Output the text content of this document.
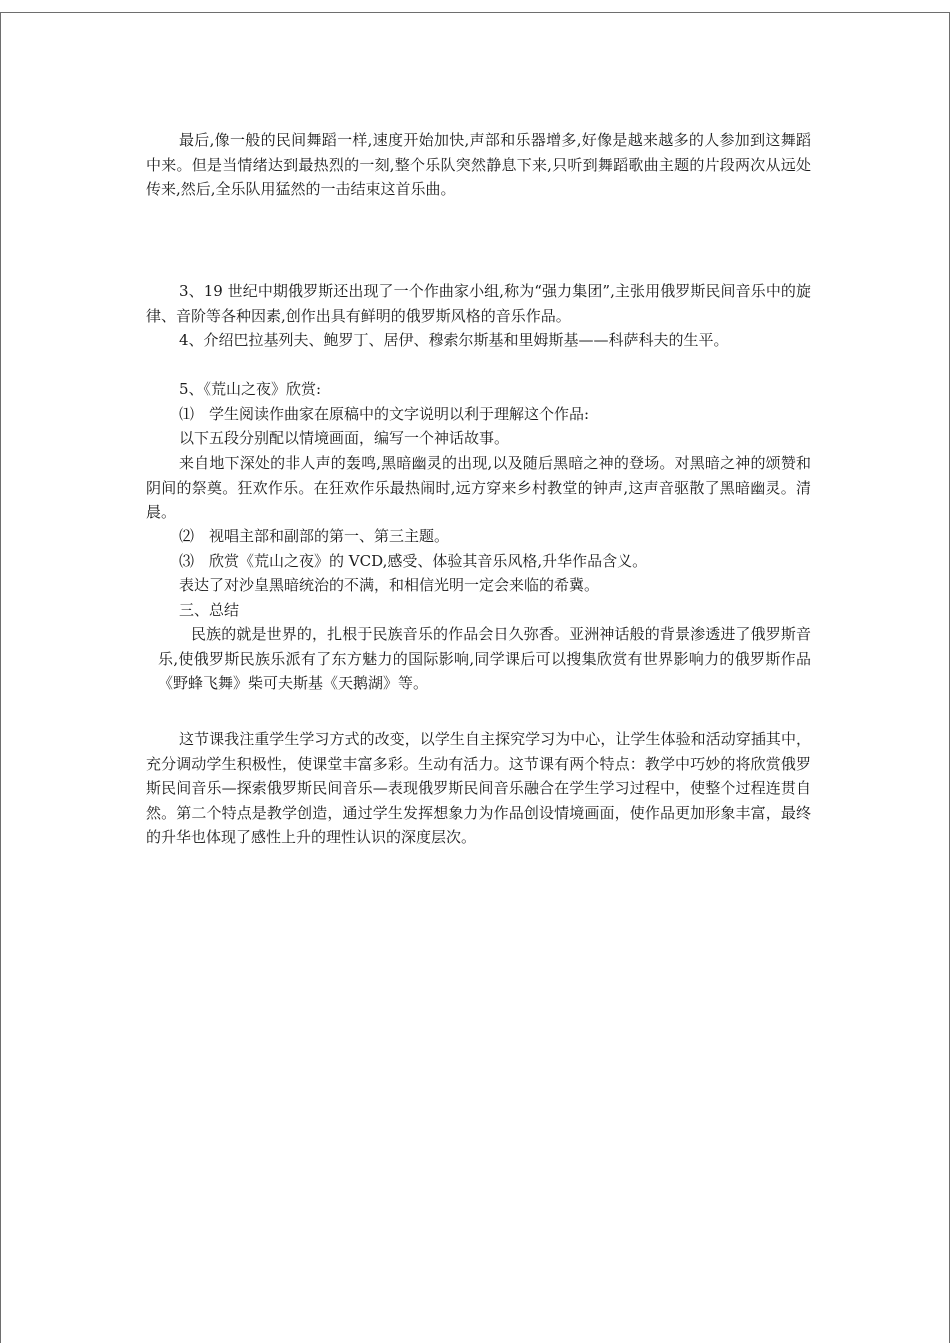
最后,像一般的民间舞蹈一样,速度开始加快,声部和乐器增多,好像是越来越多的人参加到这舞蹈中来。但是当情绪达到最热烈的一刻,整个乐队突然静息下来,只听到舞蹈歌曲主题的片段两次从远处传来,然后,全乐队用猛然的一击结束这首乐曲。

3、19 世纪中期俄罗斯还出现了一个作曲家小组,称为“强力集团”,主张用俄罗斯民间音乐中的旋律、音阶等各种因素,创作出具有鲜明的俄罗斯风格的音乐作品。

4、介绍巴拉基列夫、鲍罗丁、居伊、穆索尔斯基和里姆斯基——科萨科夫的生平。

5、《荒山之夜》欣赏:

⑴　学生阅读作曲家在原稿中的文字说明以利于理解这个作品:

以下五段分别配以情境画面，编写一个神话故事。

来自地下深处的非人声的轰鸣,黑暗幽灵的出现,以及随后黑暗之神的登场。对黑暗之神的颂赞和阴间的祭奠。狂欢作乐。在狂欢作乐最热闹时,远方穿来乡村教堂的钟声,这声音驱散了黑暗幽灵。清晨。

⑵　视唱主部和副部的第一、第三主题。

⑶　欣赏《荒山之夜》的 VCD,感受、体验其音乐风格,升华作品含义。

表达了对沙皇黑暗统治的不满，和相信光明一定会来临的希冀。

三、总结

民族的就是世界的，扎根于民族音乐的作品会日久弥香。亚洲神话般的背景渗透进了俄罗斯音乐,使俄罗斯民族乐派有了东方魅力的国际影响,同学课后可以搜集欣赏有世界影响力的俄罗斯作品《野蜂飞舞》柴可夫斯基《天鹅湖》等。

这节课我注重学生学习方式的改变，以学生自主探究学习为中心，让学生体验和活动穿插其中，充分调动学生积极性，使课堂丰富多彩。生动有活力。这节课有两个特点：教学中巧妙的将欣赏俄罗斯民间音乐—探索俄罗斯民间音乐—表现俄罗斯民间音乐融合在学生学习过程中，使整个过程连贯自然。第二个特点是教学创造，通过学生发挥想象力为作品创设情境画面，使作品更加形象丰富，最终的升华也体现了感性上升的理性认识的深度层次。
